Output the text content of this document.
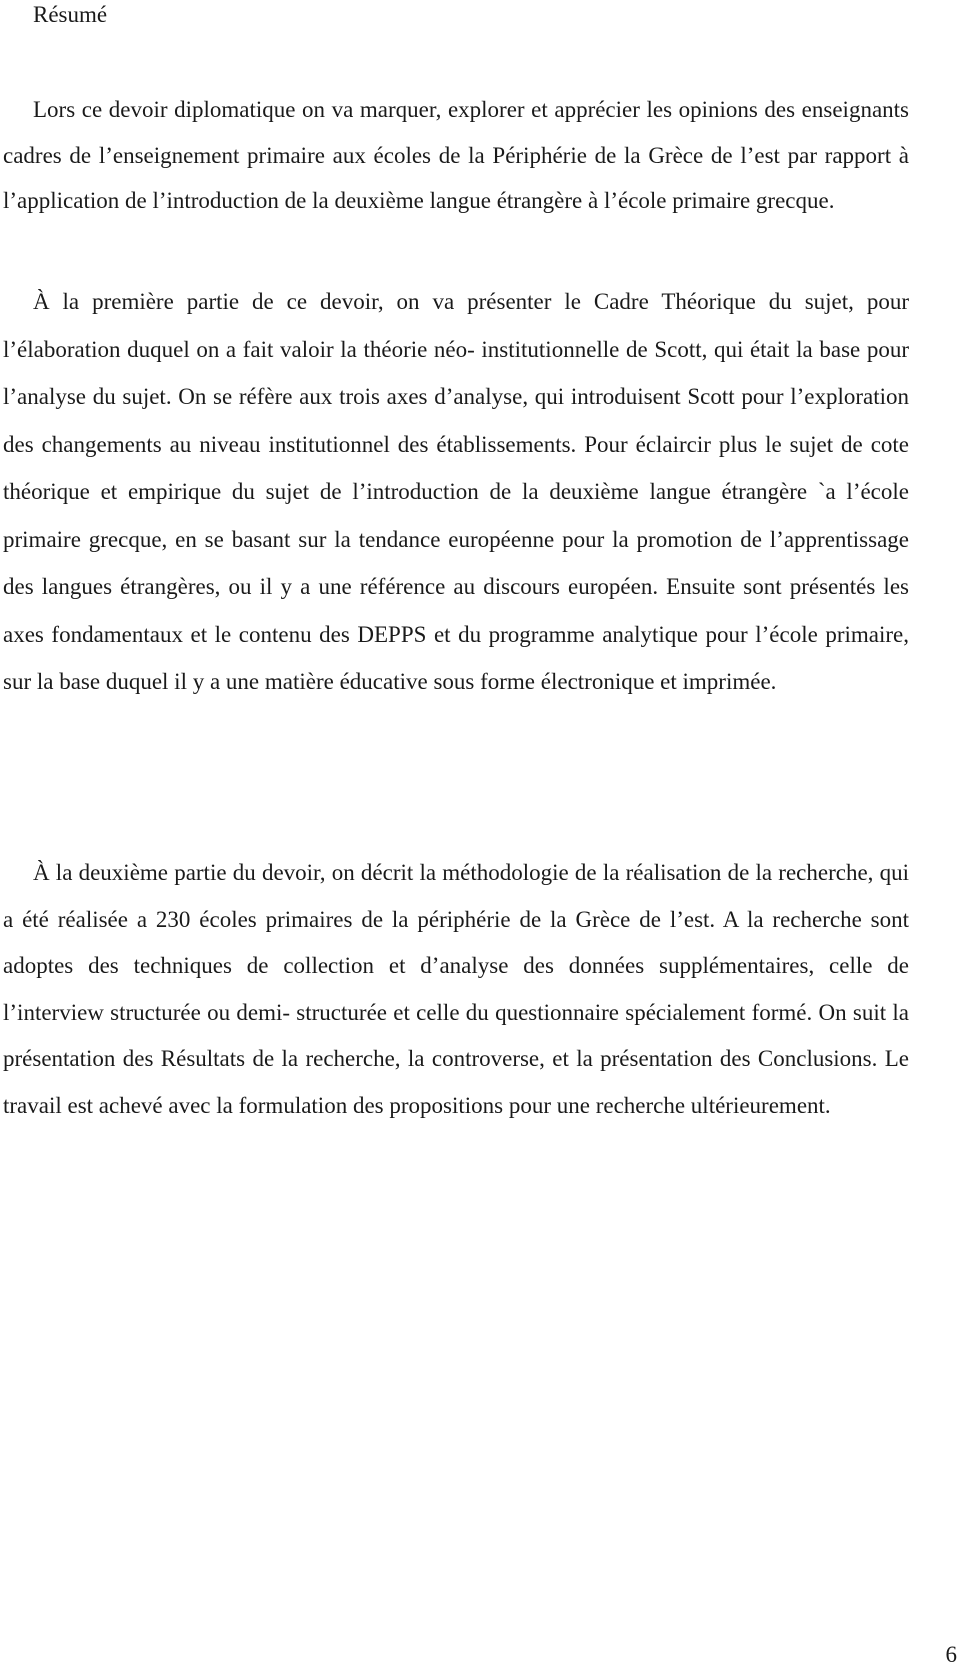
Résumé

Lors ce devoir diplomatique on va marquer, explorer et apprécier les opinions des enseignants cadres de l’enseignement primaire aux écoles de la Périphérie de la Grèce de l’est par rapport à l’application de l’introduction de la deuxième langue étrangère à l’école primaire grecque.

À la première partie de ce devoir, on va présenter le Cadre Théorique du sujet, pour l’élaboration duquel on a fait valoir la théorie néo- institutionnelle de Scott, qui était la base pour l’analyse du sujet. On se réfère aux trois axes d’analyse, qui introduisent Scott pour l’exploration des changements au niveau institutionnel des établissements. Pour éclaircir plus le sujet de cote théorique et empirique du sujet de l’introduction de la deuxième langue étrangère `a l’école primaire grecque, en se basant sur la tendance européenne pour la promotion de l’apprentissage des langues étrangères, ou il y a une référence au discours européen. Ensuite sont présentés les axes fondamentaux et le contenu des DEPPS et du programme analytique pour l’école primaire, sur la base duquel il y a une matière éducative sous forme électronique et imprimée.

À la deuxième partie du devoir, on décrit la méthodologie de la réalisation de la recherche, qui a été réalisée a 230 écoles primaires de la périphérie de la Grèce de l’est. A la recherche sont adoptes des techniques de collection et d’analyse des données supplémentaires, celle de l’interview structurée ou demi- structurée et celle du questionnaire spécialement formé. On suit la présentation des Résultats de la recherche, la controverse, et la présentation des Conclusions. Le travail est achevé avec la formulation des propositions pour une recherche ultérieurement.

6
